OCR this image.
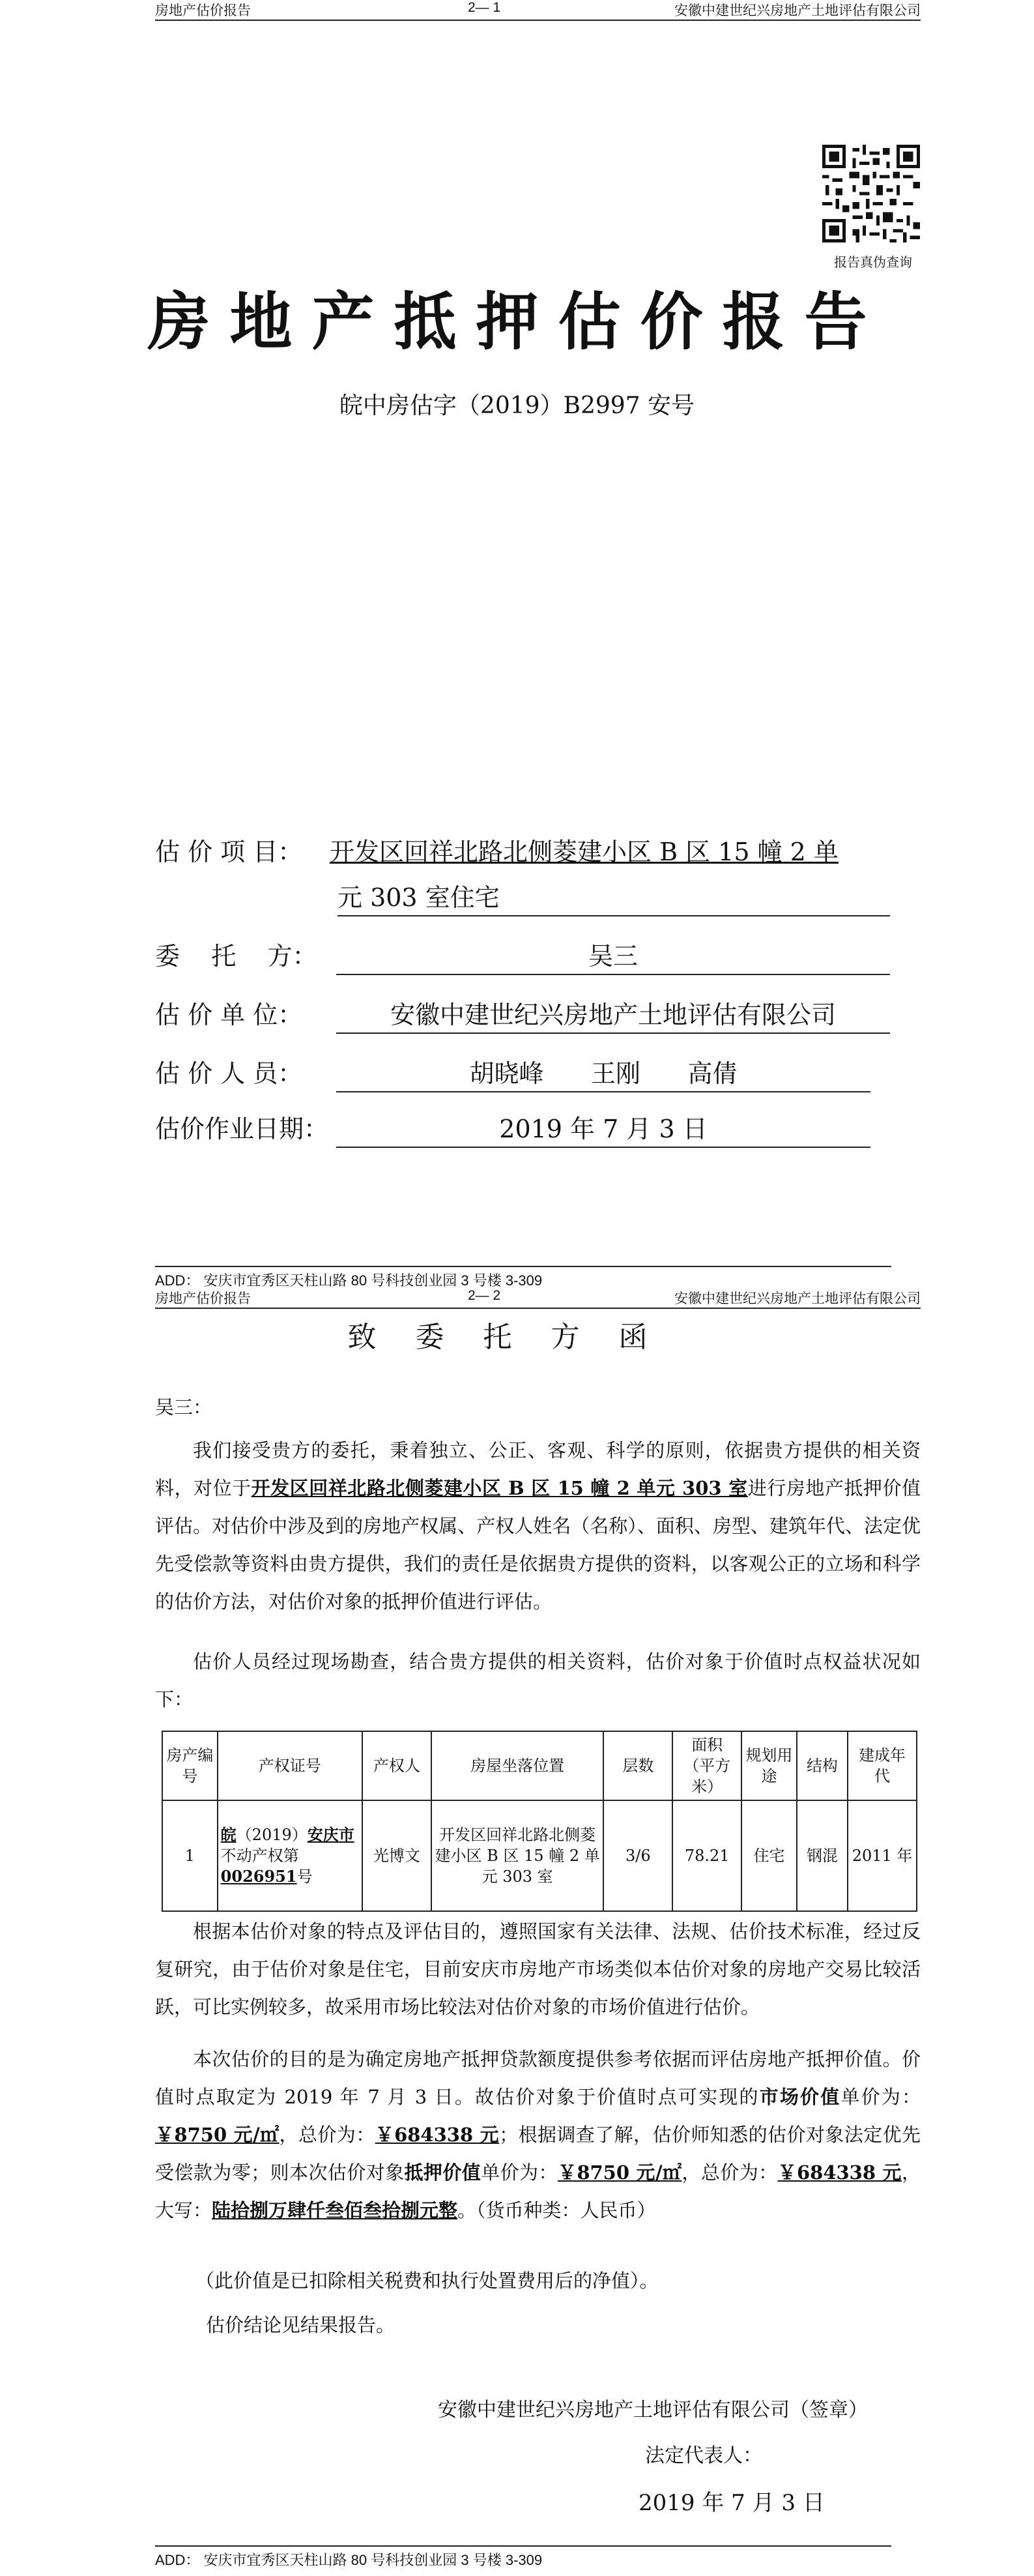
房地产估价报告	2— 1	安徽中建世纪兴房地产土地评估有限公司
报告真伪查询
房地产抵押估价报告
皖中房估字（2019）B2997 安号
估 价 项 目： 开发区回祥北路北侧菱建小区 B 区 15 幢 2 单
元 303 室住宅
委    托    方：	吴三
估 价 单 位：	安徽中建世纪兴房地产土地评估有限公司
估 价 人 员：	胡晓峰      王刚      高倩
估价作业日期：	2019 年 7 月 3 日
ADD： 安庆市宜秀区天柱山路 80 号科技创业园 3 号楼 3-309
房地产估价报告	2— 2	安徽中建世纪兴房地产土地评估有限公司
致委托方函
吴三：
我们接受贵方的委托，秉着独立、公正、客观、科学的原则，依据贵方提供的相关资料，对位于开发区回祥北路北侧菱建小区 B 区 15 幢 2 单元 303 室进行房地产抵押价值评估。对估价中涉及到的房地产权属、产权人姓名（名称）、面积、房型、建筑年代、法定优先受偿款等资料由贵方提供，我们的责任是依据贵方提供的资料，以客观公正的立场和科学的估价方法，对估价对象的抵押价值进行评估。
估价人员经过现场勘查，结合贵方提供的相关资料，估价对象于价值时点权益状况如下：
房产编号	产权证号	产权人	房屋坐落位置	层数	面积（平方米）	规划用途	结构	建成年代
1	皖（2019）安庆市不动产权第0026951号	光博文	开发区回祥北路北侧菱建小区 B 区 15 幢 2 单元 303 室	3/6	78.21	住宅	钢混	2011 年
根据本估价对象的特点及评估目的，遵照国家有关法律、法规、估价技术标准，经过反复研究，由于估价对象是住宅，目前安庆市房地产市场类似本估价对象的房地产交易比较活跃，可比实例较多，故采用市场比较法对估价对象的市场价值进行估价。
本次估价的目的是为确定房地产抵押贷款额度提供参考依据而评估房地产抵押价值。价值时点取定为 2019 年 7 月 3 日。故估价对象于价值时点可实现的市场价值单价为：￥8750 元/㎡，总价为：￥684338 元；根据调查了解，估价师知悉的估价对象法定优先受偿款为零；则本次估价对象抵押价值单价为：￥8750 元/㎡，总价为：￥684338 元，大写：陆拾捌万肆仟叁佰叁拾捌元整。（货币种类：人民币）
（此价值是已扣除相关税费和执行处置费用后的净值）。
估价结论见结果报告。
安徽中建世纪兴房地产土地评估有限公司（签章）
法定代表人：
2019 年 7 月 3 日
ADD： 安庆市宜秀区天柱山路 80 号科技创业园 3 号楼 3-309
